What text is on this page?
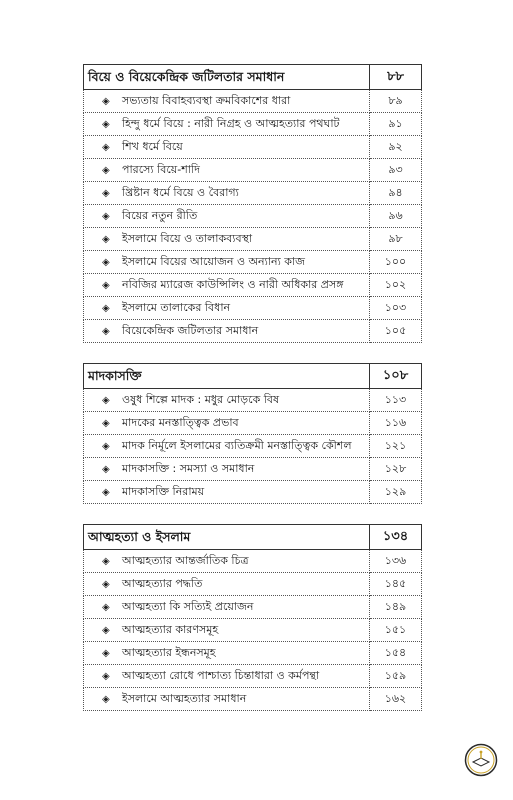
বিয়ে ও বিয়েকেন্দ্রিক জটিলতার সমাধান	৮৮
◈ সভ্যতায় বিবাহব্যবস্থা ক্রমবিকাশের ধারা	৮৯
◈ হিন্দু ধর্মে বিয়ে : নারী নিগ্রহ ও আত্মহত্যার পথঘাট	৯১
◈ শিখ ধর্মে বিয়ে	৯২
◈ পারস্যে বিয়ে-শাদি	৯৩
◈ খ্রিষ্টান ধর্মে বিয়ে ও বৈরাগ্য	৯৪
◈ বিয়ের নতুন রীতি	৯৬
◈ ইসলামে বিয়ে ও তালাকব্যবস্থা	৯৮
◈ ইসলামে বিয়ের আয়োজন ও অন্যান্য কাজ	১০০
◈ নবিজির ম্যারেজ কাউন্সিলিং ও নারী অধিকার প্রসঙ্গ	১০২
◈ ইসলামে তালাকের বিধান	১০৩
◈ বিয়েকেন্দ্রিক জটিলতার সমাধান	১০৫

মাদকাসক্তি	১০৮
◈ ওষুধ শিল্পে মাদক : মধুর মোড়কে বিষ	১১৩
◈ মাদকের মনস্তাত্ত্বিক প্রভাব	১১৬
◈ মাদক নির্মূলে ইসলামের ব্যতিক্রমী মনস্তাত্ত্বিক কৌশল	১২১
◈ মাদকাসক্তি : সমস্যা ও সমাধান	১২৮
◈ মাদকাসক্তি নিরাময়	১২৯

আত্মহত্যা ও ইসলাম	১৩৪
◈ আত্মহত্যার আন্তর্জাতিক চিত্র	১৩৬
◈ আত্মহত্যার পদ্ধতি	১৪৫
◈ আত্মহত্যা কি সত্যিই প্রয়োজন	১৪৯
◈ আত্মহত্যার কারণসমূহ	১৫১
◈ আত্মহত্যার ইন্ধনসমূহ	১৫৪
◈ আত্মহত্যা রোধে পাশ্চাত্য চিন্তাধারা ও কর্মপন্থা	১৫৯
◈ ইসলামে আত্মহত্যার সমাধান	১৬২
